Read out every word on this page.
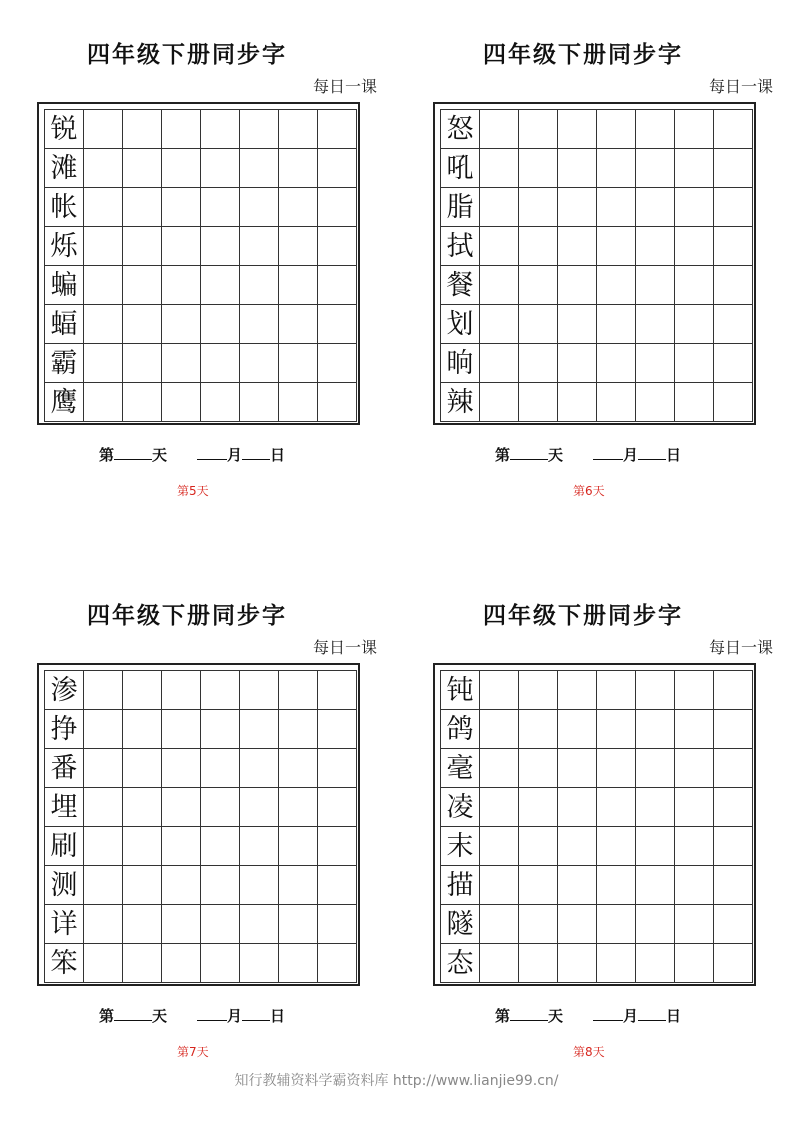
四年级下册同步字
每日一课
锐
滩
帐
烁
蝙
蝠
霸
鹰
第	天	月 日
第5天
四年级下册同步字
每日一课
怒
吼
脂
拭
餐
划
晌
辣
第	天	月 日
第6天
四年级下册同步字
每日一课
渗
挣
番
埋
刷
测
详
笨
第	天	月 日
第7天
四年级下册同步字
每日一课
钝
鸽
毫
凌
末
描
隧
态
第	天	月 日
第8天
知行教辅资料学霸资料库 http://www.lianjie99.cn/
